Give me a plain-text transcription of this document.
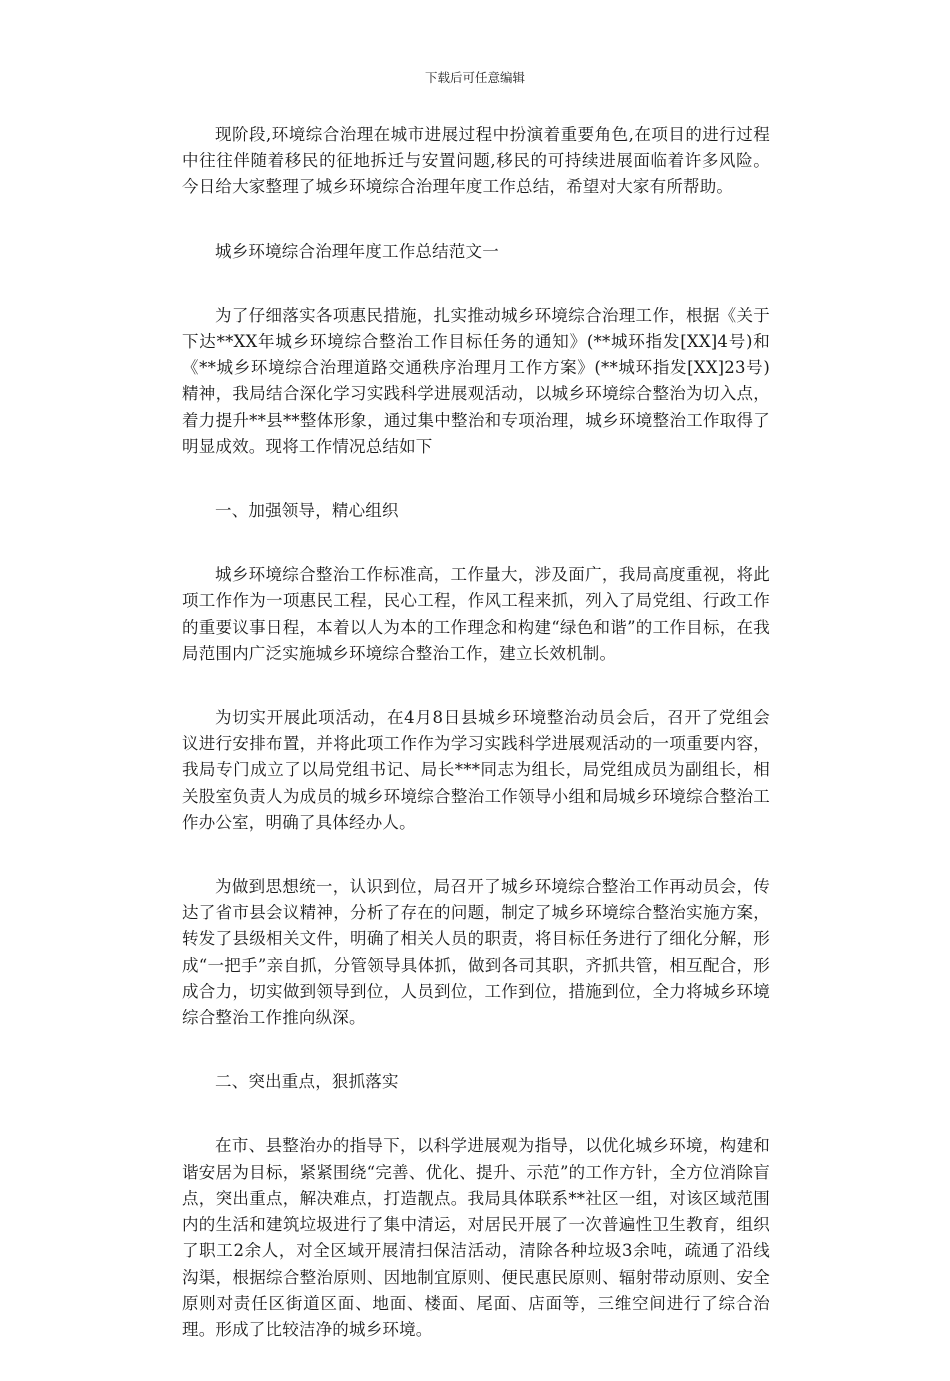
下载后可任意编辑

现阶段,环境综合治理在城市进展过程中扮演着重要角色,在项目的进行过程中往往伴随着移民的征地拆迁与安置问题,移民的可持续进展面临着许多风险。今日给大家整理了城乡环境综合治理年度工作总结，希望对大家有所帮助。

城乡环境综合治理年度工作总结范文一

为了仔细落实各项惠民措施，扎实推动城乡环境综合治理工作，根据《关于下达**XX年城乡环境综合整治工作目标任务的通知》(**城环指发[XX]4号)和《**城乡环境综合治理道路交通秩序治理月工作方案》(**城环指发[XX]23号)精神，我局结合深化学习实践科学进展观活动，以城乡环境综合整治为切入点，着力提升**县**整体形象，通过集中整治和专项治理，城乡环境整治工作取得了明显成效。现将工作情况总结如下

一、加强领导，精心组织

城乡环境综合整治工作标准高，工作量大，涉及面广，我局高度重视，将此项工作作为一项惠民工程，民心工程，作风工程来抓，列入了局党组、行政工作的重要议事日程，本着以人为本的工作理念和构建“绿色和谐”的工作目标，在我局范围内广泛实施城乡环境综合整治工作，建立长效机制。

为切实开展此项活动，在4月8日县城乡环境整治动员会后，召开了党组会议进行安排布置，并将此项工作作为学习实践科学进展观活动的一项重要内容，我局专门成立了以局党组书记、局长***同志为组长，局党组成员为副组长，相关股室负责人为成员的城乡环境综合整治工作领导小组和局城乡环境综合整治工作办公室，明确了具体经办人。

为做到思想统一，认识到位，局召开了城乡环境综合整治工作再动员会，传达了省市县会议精神，分析了存在的问题，制定了城乡环境综合整治实施方案，转发了县级相关文件，明确了相关人员的职责，将目标任务进行了细化分解，形成“一把手”亲自抓，分管领导具体抓，做到各司其职，齐抓共管，相互配合，形成合力，切实做到领导到位，人员到位，工作到位，措施到位，全力将城乡环境综合整治工作推向纵深。

二、突出重点，狠抓落实

在市、县整治办的指导下，以科学进展观为指导，以优化城乡环境，构建和谐安居为目标，紧紧围绕“完善、优化、提升、示范”的工作方针，全方位消除盲点，突出重点，解决难点，打造靓点。我局具体联系**社区一组，对该区域范围内的生活和建筑垃圾进行了集中清运，对居民开展了一次普遍性卫生教育，组织了职工2余人，对全区域开展清扫保洁活动，清除各种垃圾3余吨，疏通了沿线沟渠，根据综合整治原则、因地制宜原则、便民惠民原则、辐射带动原则、安全原则对责任区街道区面、地面、楼面、尾面、店面等，三维空间进行了综合治理。形成了比较洁净的城乡环境。
